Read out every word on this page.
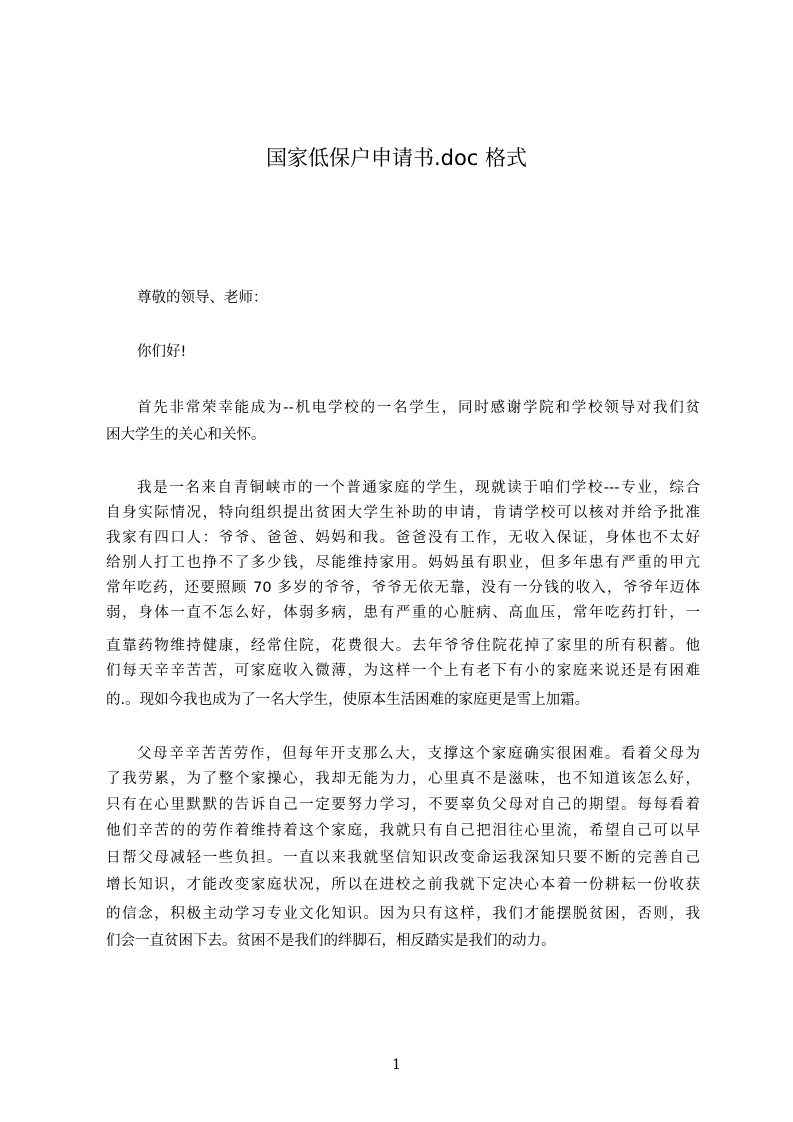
国家低保户申请书.doc 格式
尊敬的领导、老师：
你们好!
首先非常荣幸能成为--机电学校的一名学生，同时感谢学院和学校领导对我们贫
困大学生的关心和关怀。
我是一名来自青铜峡市的一个普通家庭的学生，现就读于咱们学校---专业，综合
自身实际情况，特向组织提出贫困大学生补助的申请，肯请学校可以核对并给予批准
我家有四口人：爷爷、爸爸、妈妈和我。爸爸没有工作，无收入保证，身体也不太好
给别人打工也挣不了多少钱，尽能维持家用。妈妈虽有职业，但多年患有严重的甲亢
常年吃药，还要照顾 70 多岁的爷爷，爷爷无依无靠，没有一分钱的收入，爷爷年迈体
弱，身体一直不怎么好，体弱多病，患有严重的心脏病、高血压，常年吃药打针，一
直靠药物维持健康，经常住院，花费很大。去年爷爷住院花掉了家里的所有积蓄。他
们每天辛辛苦苦，可家庭收入微薄，为这样一个上有老下有小的家庭来说还是有困难
的.。现如今我也成为了一名大学生，使原本生活困难的家庭更是雪上加霜。
父母辛辛苦苦劳作，但每年开支那么大，支撑这个家庭确实很困难。看着父母为
了我劳累，为了整个家操心，我却无能为力，心里真不是滋味，也不知道该怎么好，
只有在心里默默的告诉自己一定要努力学习，不要辜负父母对自己的期望。每每看着
他们辛苦的的劳作着维持着这个家庭，我就只有自己把泪往心里流，希望自己可以早
日帮父母减轻一些负担。一直以来我就坚信知识改变命运我深知只要不断的完善自己
增长知识，才能改变家庭状况，所以在进校之前我就下定决心本着一份耕耘一份收获
的信念，积极主动学习专业文化知识。因为只有这样，我们才能摆脱贫困，否则，我
们会一直贫困下去。贫困不是我们的绊脚石，相反踏实是我们的动力。
1
